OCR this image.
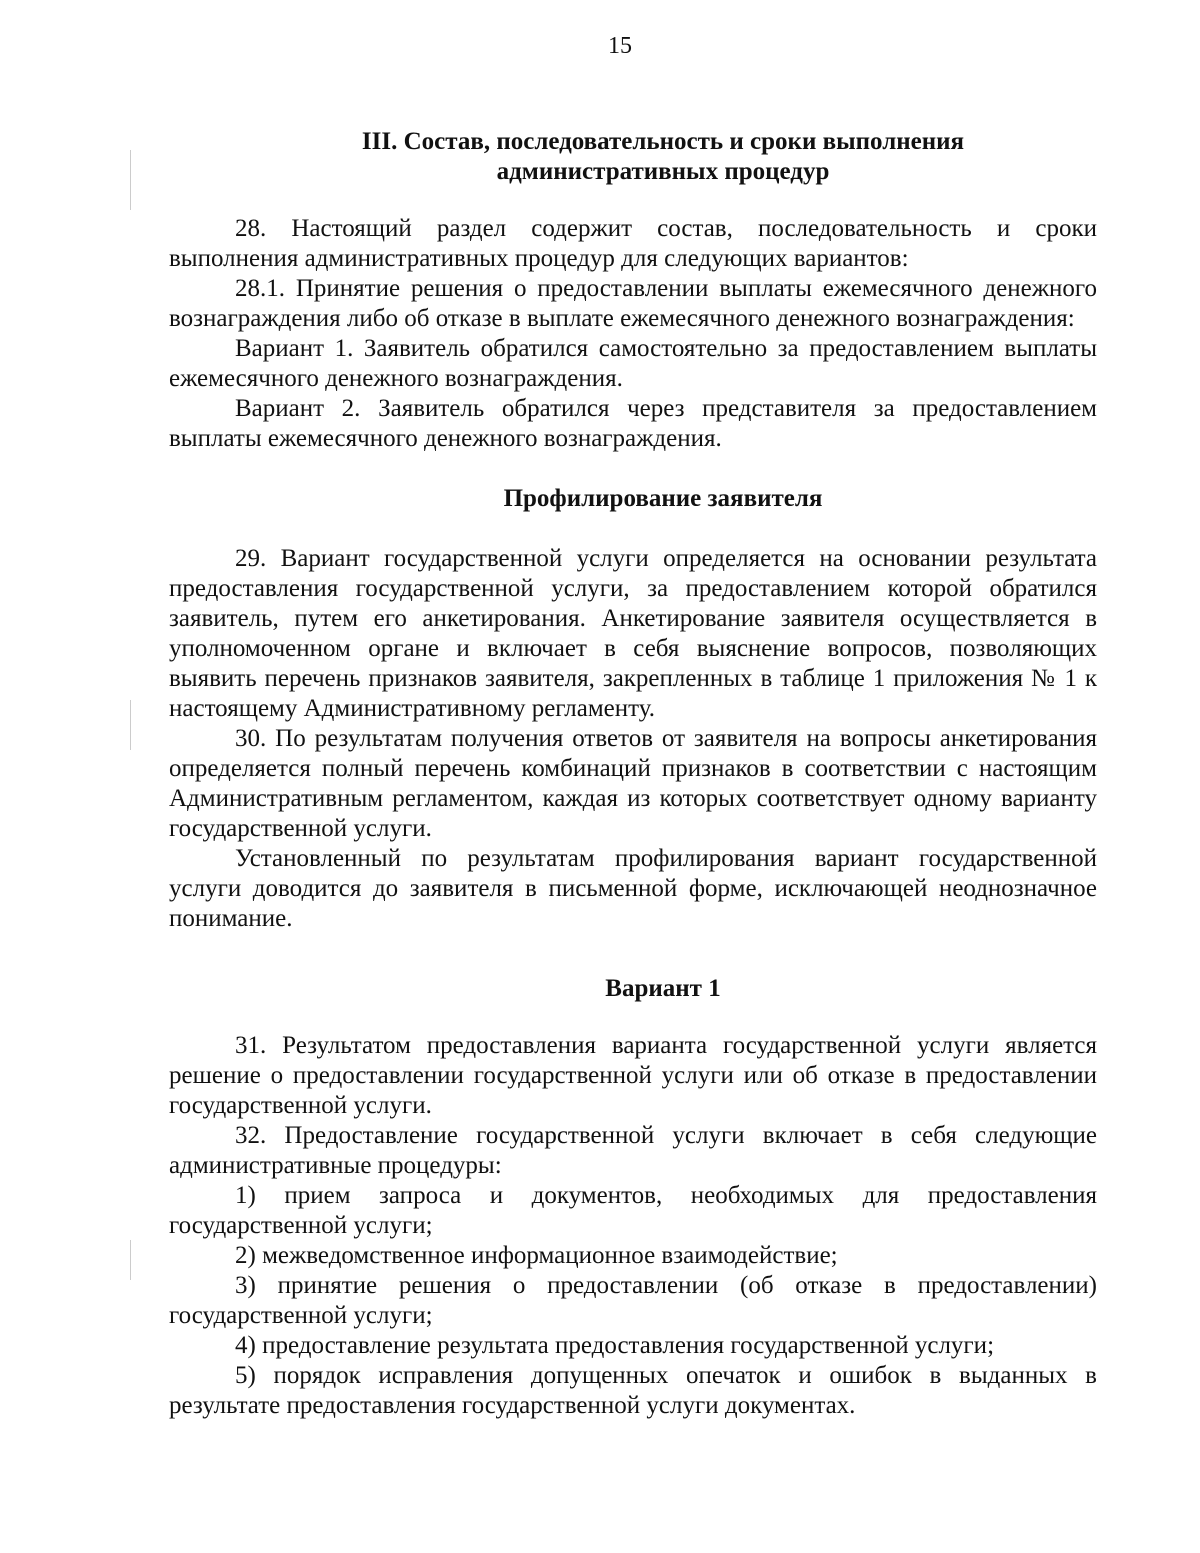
15
III. Состав, последовательность и сроки выполнения
административных процедур

28. Настоящий раздел содержит состав, последовательность и сроки выполнения административных процедур для следующих вариантов:

28.1. Принятие решения о предоставлении выплаты ежемесячного денежного вознаграждения либо об отказе в выплате ежемесячного денежного вознаграждения:

Вариант 1. Заявитель обратился самостоятельно за предоставлением выплаты ежемесячного денежного вознаграждения.

Вариант 2. Заявитель обратился через представителя за предоставлением выплаты ежемесячного денежного вознаграждения.

Профилирование заявителя

29. Вариант государственной услуги определяется на основании результата предоставления государственной услуги, за предоставлением которой обратился заявитель, путем его анкетирования. Анкетирование заявителя осуществляется в уполномоченном органе и включает в себя выяснение вопросов, позволяющих выявить перечень признаков заявителя, закрепленных в таблице 1 приложения № 1 к настоящему Административному регламенту.

30. По результатам получения ответов от заявителя на вопросы анкетирования определяется полный перечень комбинаций признаков в соответствии с настоящим Административным регламентом, каждая из которых соответствует одному варианту государственной услуги.

Установленный по результатам профилирования вариант государственной услуги доводится до заявителя в письменной форме, исключающей неоднозначное понимание.

Вариант 1

31. Результатом предоставления варианта государственной услуги является решение о предоставлении государственной услуги или об отказе в предоставлении государственной услуги.

32. Предоставление государственной услуги включает в себя следующие административные процедуры:

1) прием запроса и документов, необходимых для предоставления государственной услуги;

2) межведомственное информационное взаимодействие;

3) принятие решения о предоставлении (об отказе в предоставлении) государственной услуги;

4) предоставление результата предоставления государственной услуги;

5) порядок исправления допущенных опечаток и ошибок в выданных в результате предоставления государственной услуги документах.
